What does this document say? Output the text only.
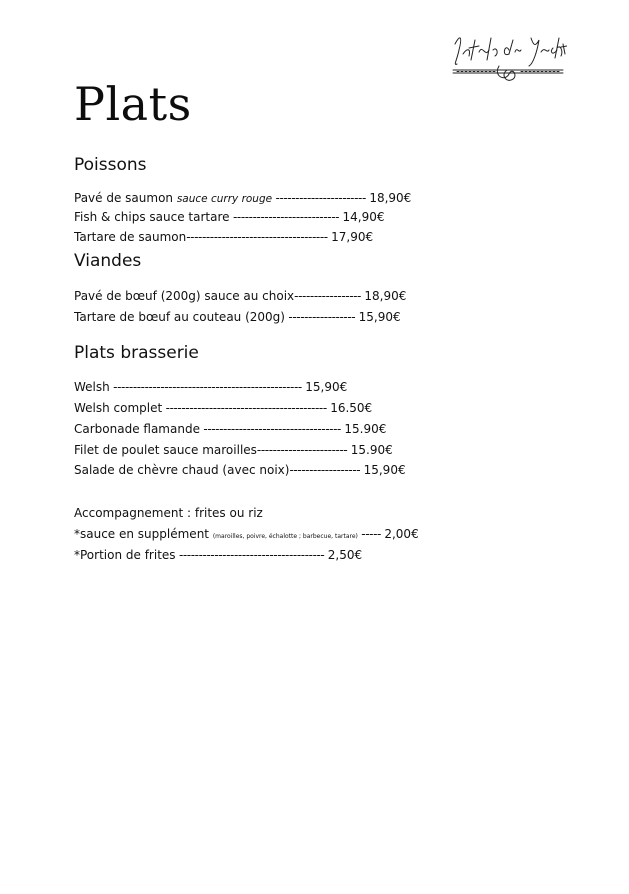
La table du Yacht
Plats
Poissons
Pavé de saumon sauce curry rouge ----------------------- 18,90€
Fish & chips sauce tartare --------------------------- 14,90€
Tartare de saumon------------------------------------ 17,90€
Viandes
Pavé de bœuf (200g) sauce au choix----------------- 18,90€
Tartare de bœuf au couteau (200g) ----------------- 15,90€
Plats brasserie
Welsh ------------------------------------------------ 15,90€
Welsh complet ----------------------------------------- 16.50€
Carbonade flamande ----------------------------------- 15.90€
Filet de poulet sauce maroilles----------------------- 15.90€
Salade de chèvre chaud (avec noix)------------------ 15,90€
Accompagnement : frites ou riz
*sauce en supplément (maroilles, poivre, échalotte ; barbecue, tartare) ----- 2,00€
*Portion de frites ------------------------------------- 2,50€
